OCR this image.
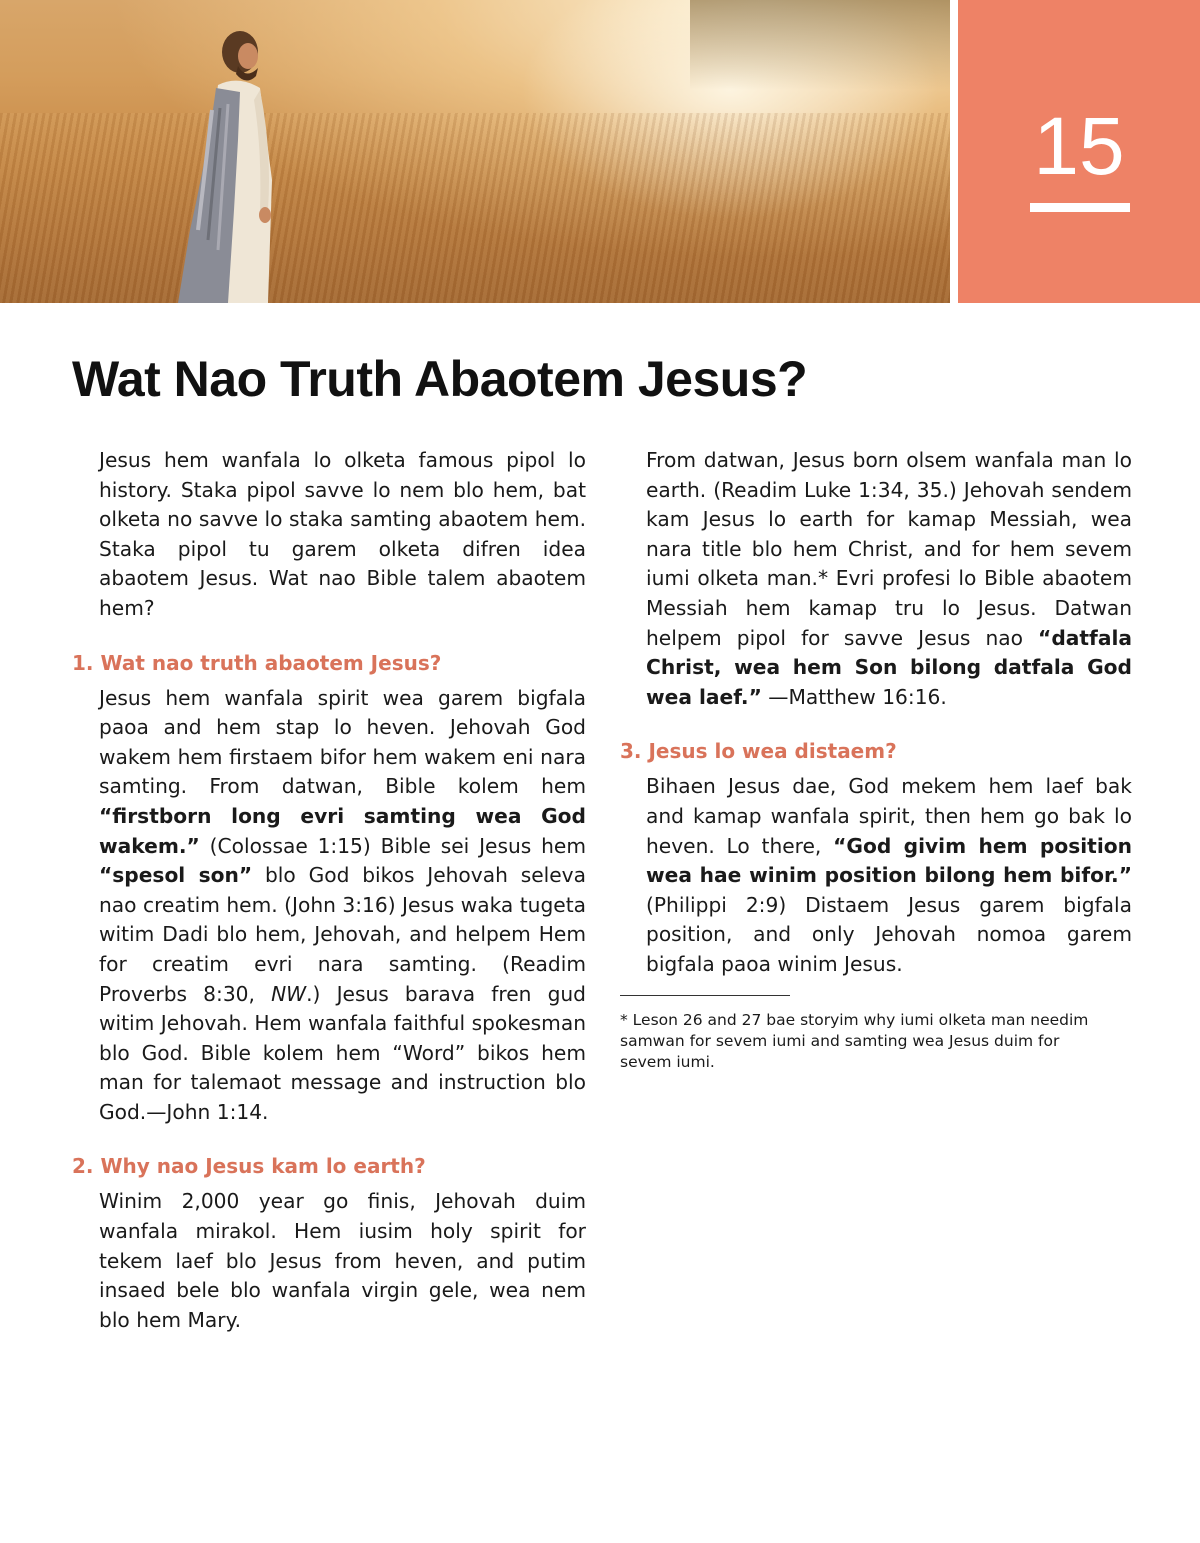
15
Wat Nao Truth Abaotem Jesus?

Jesus hem wanfala lo olketa famous pipol lo history. Staka pipol savve lo nem blo hem, bat olketa no savve lo staka samting abaotem hem. Staka pipol tu garem olketa difren idea abaotem Jesus. Wat nao Bible talem abaotem hem?

1. Wat nao truth abaotem Jesus?

Jesus hem wanfala spirit wea garem bigfala paoa and hem stap lo heven. Jehovah God wakem hem firstaem bifor hem wakem eni nara samting. From datwan, Bible kolem hem “firstborn long evri samting wea God wakem.” (Colossae 1:15) Bible sei Jesus hem “spesol son” blo God bikos Jehovah seleva nao creatim hem. (John 3:16) Jesus waka tugeta witim Dadi blo hem, Jehovah, and helpem Hem for creatim evri nara samting. (Readim Proverbs 8:30, NW.) Jesus barava fren gud witim Jehovah. Hem wanfala faithful spokesman blo God. Bible kolem hem “Word” bikos hem man for talemaot message and instruction blo God.—John 1:14.

2. Why nao Jesus kam lo earth?

Winim 2,000 year go finis, Jehovah duim wanfala mirakol. Hem iusim holy spirit for tekem laef blo Jesus from heven, and putim insaed bele blo wanfala virgin gele, wea nem blo hem Mary.

From datwan, Jesus born olsem wanfala man lo earth. (Readim Luke 1:34, 35.) Jehovah sendem kam Jesus lo earth for kamap Messiah, wea nara title blo hem Christ, and for hem sevem iumi olketa man.* Evri profesi lo Bible abaotem Messiah hem kamap tru lo Jesus. Datwan helpem pipol for savve Jesus nao “datfala Christ, wea hem Son bilong datfala God wea laef.” —Matthew 16:16.

3. Jesus lo wea distaem?

Bihaen Jesus dae, God mekem hem laef bak and kamap wanfala spirit, then hem go bak lo heven. Lo there, “God givim hem position wea hae winim position bilong hem bifor.” (Philippi 2:9) Distaem Jesus garem bigfala position, and only Jehovah nomoa garem bigfala paoa winim Jesus.

* Leson 26 and 27 bae storyim why iumi olketa man needim samwan for sevem iumi and samting wea Jesus duim for sevem iumi.
